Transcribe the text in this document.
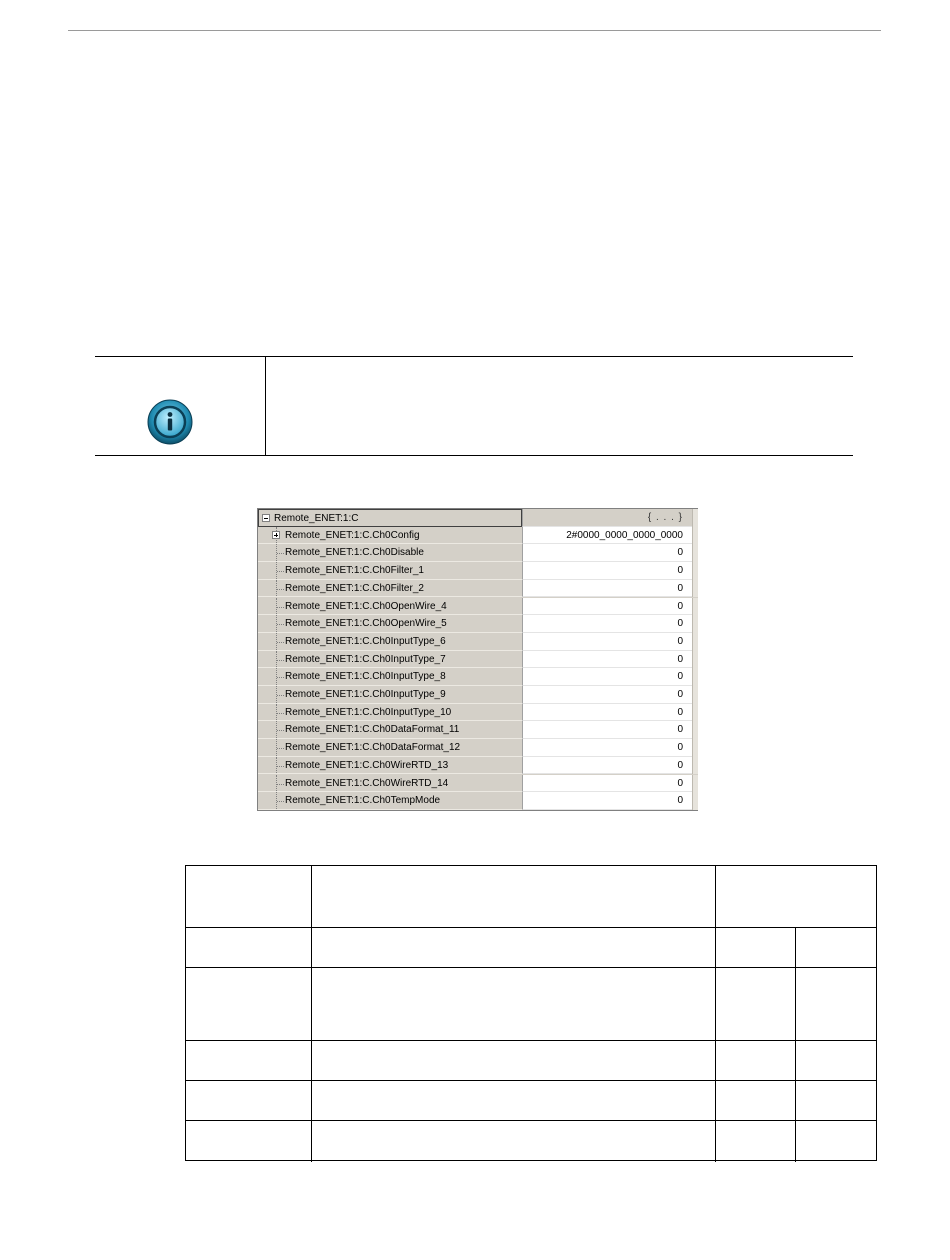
Remote_ENET:1:C	{ . . . }
Remote_ENET:1:C.Ch0Config	2#0000_0000_0000_0000
Remote_ENET:1:C.Ch0Disable	0
Remote_ENET:1:C.Ch0Filter_1	0
Remote_ENET:1:C.Ch0Filter_2	0
Remote_ENET:1:C.Ch0OpenWire_4	0
Remote_ENET:1:C.Ch0OpenWire_5	0
Remote_ENET:1:C.Ch0InputType_6	0
Remote_ENET:1:C.Ch0InputType_7	0
Remote_ENET:1:C.Ch0InputType_8	0
Remote_ENET:1:C.Ch0InputType_9	0
Remote_ENET:1:C.Ch0InputType_10	0
Remote_ENET:1:C.Ch0DataFormat_11	0
Remote_ENET:1:C.Ch0DataFormat_12	0
Remote_ENET:1:C.Ch0WireRTD_13	0
Remote_ENET:1:C.Ch0WireRTD_14	0
Remote_ENET:1:C.Ch0TempMode	0
